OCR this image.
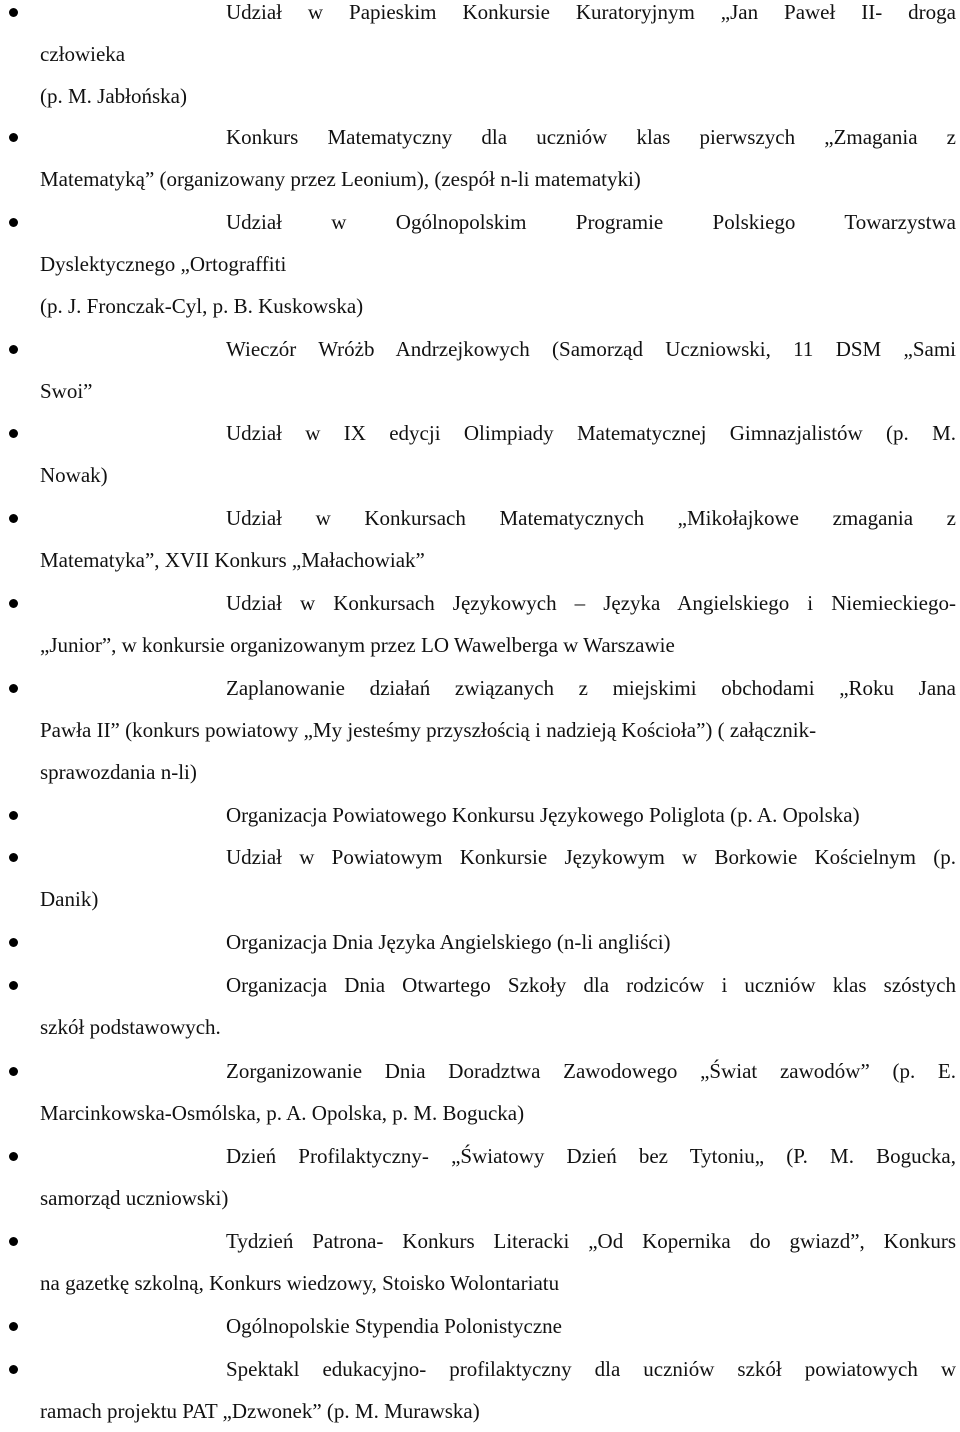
Udział w Papieskim Konkursie Kuratoryjnym „Jan Paweł II- droga
człowieka
(p. M. Jabłońska)
Konkurs Matematyczny dla uczniów klas pierwszych „Zmagania z
Matematyką” (organizowany przez Leonium), (zespół n-li matematyki)
Udział w Ogólnopolskim Programie Polskiego Towarzystwa
Dyslektycznego „Ortograffiti
(p. J. Fronczak-Cyl, p. B. Kuskowska)
Wieczór Wróżb Andrzejkowych (Samorząd Uczniowski, 11 DSM „Sami
Swoi”
Udział w IX edycji Olimpiady Matematycznej Gimnazjalistów (p. M.
Nowak)
Udział w Konkursach Matematycznych „Mikołajkowe zmagania z
Matematyka”, XVII Konkurs „Małachowiak”
Udział w Konkursach Językowych – Języka Angielskiego i Niemieckiego-
„Junior”, w konkursie organizowanym przez LO Wawelberga w Warszawie
Zaplanowanie działań związanych z miejskimi obchodami „Roku Jana
Pawła II” (konkurs powiatowy „My jesteśmy przyszłością i nadzieją Kościoła”) ( załącznik-
sprawozdania n-li)
Organizacja Powiatowego Konkursu Językowego Poliglota (p. A. Opolska)
Udział w Powiatowym Konkursie Językowym w Borkowie Kościelnym (p.
Danik)
Organizacja Dnia Języka Angielskiego (n-li angliści)
Organizacja Dnia Otwartego Szkoły dla rodziców i uczniów klas szóstych
szkół podstawowych.
Zorganizowanie Dnia Doradztwa Zawodowego „Świat zawodów” (p. E.
Marcinkowska-Osmólska, p. A. Opolska, p. M. Bogucka)
Dzień Profilaktyczny- „Światowy Dzień bez Tytoniu„ (P. M. Bogucka,
samorząd uczniowski)
Tydzień Patrona- Konkurs Literacki „Od Kopernika do gwiazd”, Konkurs
na gazetkę szkolną, Konkurs wiedzowy, Stoisko Wolontariatu
Ogólnopolskie Stypendia Polonistyczne
Spektakl edukacyjno- profilaktyczny dla uczniów szkół powiatowych w
ramach projektu PAT „Dzwonek” (p. M. Murawska)
